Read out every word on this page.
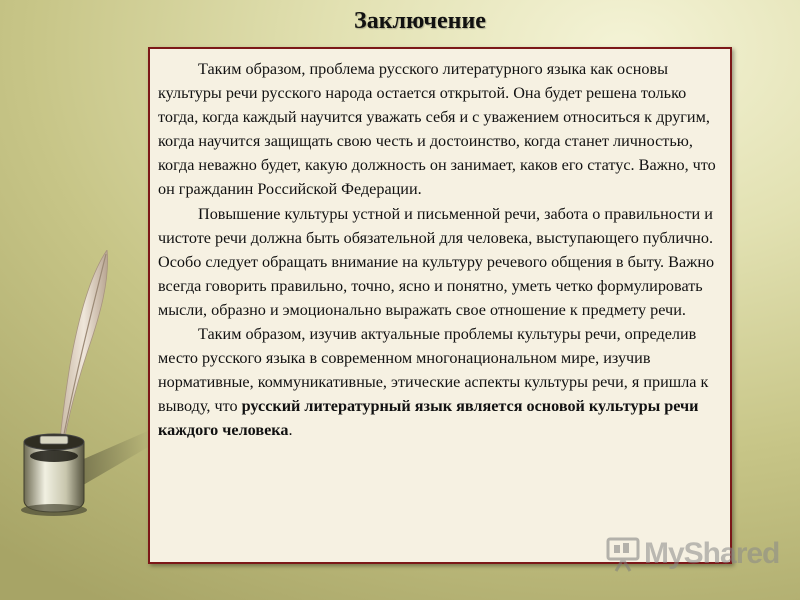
Заключение

Таким образом, проблема русского литературного языка как основы культуры речи русского народа остается открытой. Она будет решена только тогда, когда каждый научится уважать себя и с уважением относиться к другим, когда научится защищать свою честь и достоинство, когда станет личностью, когда неважно будет, какую должность он занимает, каков его статус. Важно, что он гражданин Российской Федерации.

Повышение культуры устной и письменной речи, забота о правильности и чистоте речи должна быть обязательной для человека, выступающего публично. Особо следует обращать внимание на культуру речевого общения в быту. Важно всегда говорить правильно, точно, ясно и понятно, уметь четко формулировать мысли, образно и эмоционально выражать свое отношение к предмету речи.

Таким образом, изучив актуальные проблемы культуры речи, определив место русского языка в современном многонациональном мире, изучив нормативные, коммуникативные, этические аспекты культуры речи, я пришла к выводу, что русский литературный язык является основой культуры речи каждого человека.

MyShared
